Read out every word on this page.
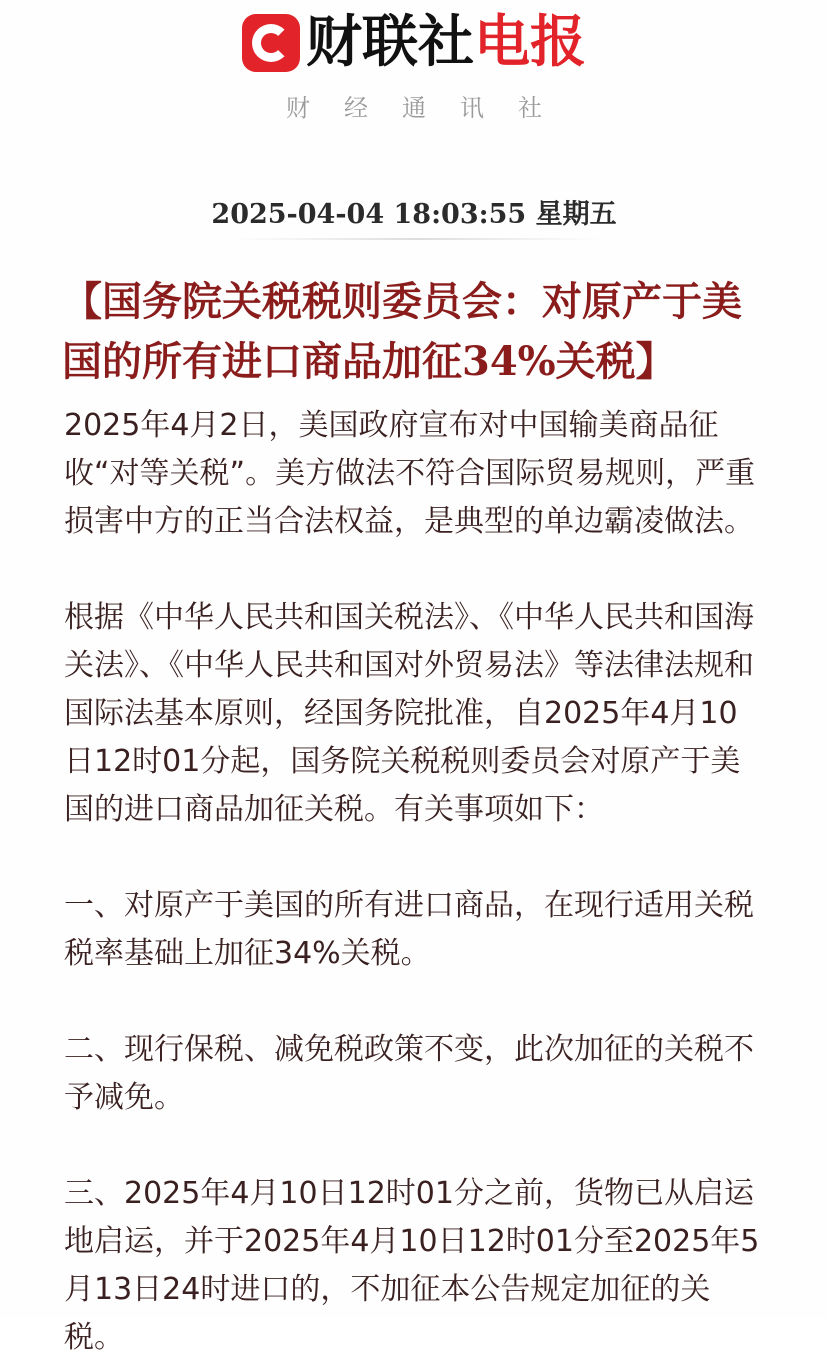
财联社 电报
财经通讯社
2025-04-04 18:03:55 星期五
【国务院关税税则委员会：对原产于美国的所有进口商品加征34%关税】

2025年4月2日，美国政府宣布对中国输美商品征收“对等关税”。美方做法不符合国际贸易规则，严重损害中方的正当合法权益，是典型的单边霸凌做法。

根据《中华人民共和国关税法》、《中华人民共和国海关法》、《中华人民共和国对外贸易法》等法律法规和国际法基本原则，经国务院批准，自2025年4月10日12时01分起，国务院关税税则委员会对原产于美国的进口商品加征关税。有关事项如下：

一、对原产于美国的所有进口商品，在现行适用关税税率基础上加征34%关税。

二、现行保税、减免税政策不变，此次加征的关税不予减免。

三、2025年4月10日12时01分之前，货物已从启运地启运，并于2025年4月10日12时01分至2025年5月13日24时进口的，不加征本公告规定加征的关税。
